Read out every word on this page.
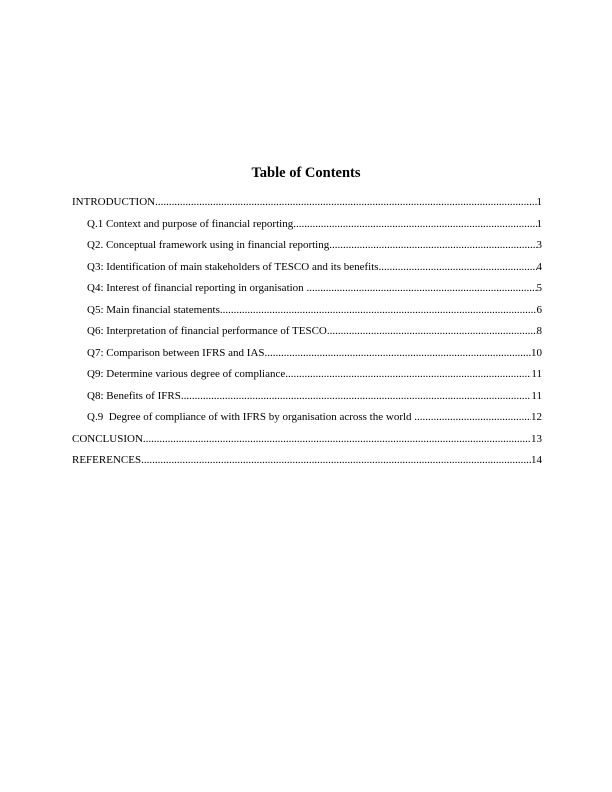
Table of Contents
INTRODUCTION .....	1
Q.1 Context and purpose of financial reporting .....	1
Q2. Conceptual framework using in financial reporting .....	3
Q3: Identification of main stakeholders of TESCO and its benefits .....	4
Q4: Interest of financial reporting in organisation .....	5
Q5: Main financial statements .....	6
Q6: Interpretation of financial performance of TESCO .....	8
Q7: Comparison between IFRS and IAS .....	10
Q9: Determine various degree of compliance .....	11
Q8: Benefits of IFRS .....	11
Q.9  Degree of compliance of with IFRS by organisation across the world .....	12
CONCLUSION .....	13
REFERENCES .....	14
